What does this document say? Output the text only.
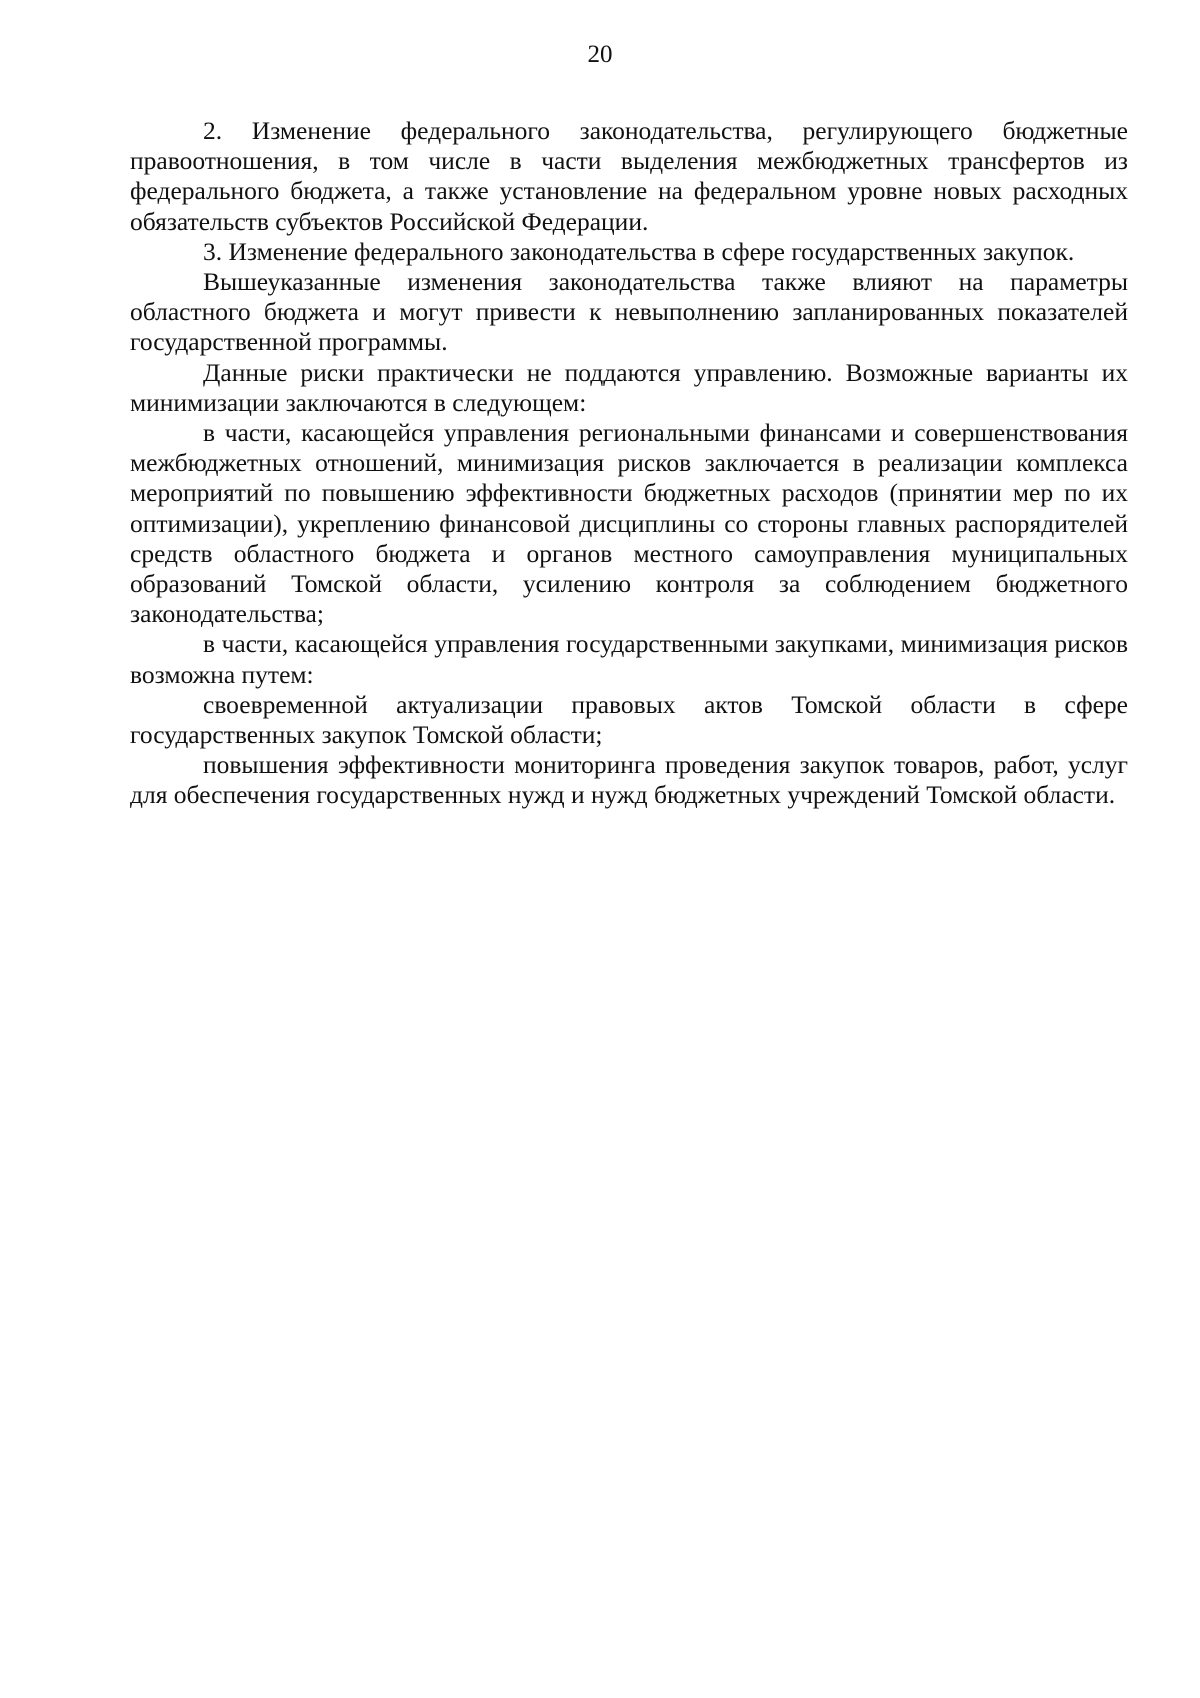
20

2. Изменение федерального законодательства, регулирующего бюджетные правоотношения, в том числе в части выделения межбюджетных трансфертов из федерального бюджета, а также установление на федеральном уровне новых расходных обязательств субъектов Российской Федерации.

3. Изменение федерального законодательства в сфере государственных закупок.

Вышеуказанные изменения законодательства также влияют на параметры областного бюджета и могут привести к невыполнению запланированных показателей государственной программы.

Данные риски практически не поддаются управлению. Возможные варианты их минимизации заключаются в следующем:

в части, касающейся управления региональными финансами и совершенствования межбюджетных отношений, минимизация рисков заключается в реализации комплекса мероприятий по повышению эффективности бюджетных расходов (принятии мер по их оптимизации), укреплению финансовой дисциплины со стороны главных распорядителей средств областного бюджета и органов местного самоуправления муниципальных образований Томской области, усилению контроля за соблюдением бюджетного законодательства;

в части, касающейся управления государственными закупками, минимизация рисков возможна путем:

своевременной актуализации правовых актов Томской области в сфере государственных закупок Томской области;

повышения эффективности мониторинга проведения закупок товаров, работ, услуг для обеспечения государственных нужд и нужд бюджетных учреждений Томской области.
